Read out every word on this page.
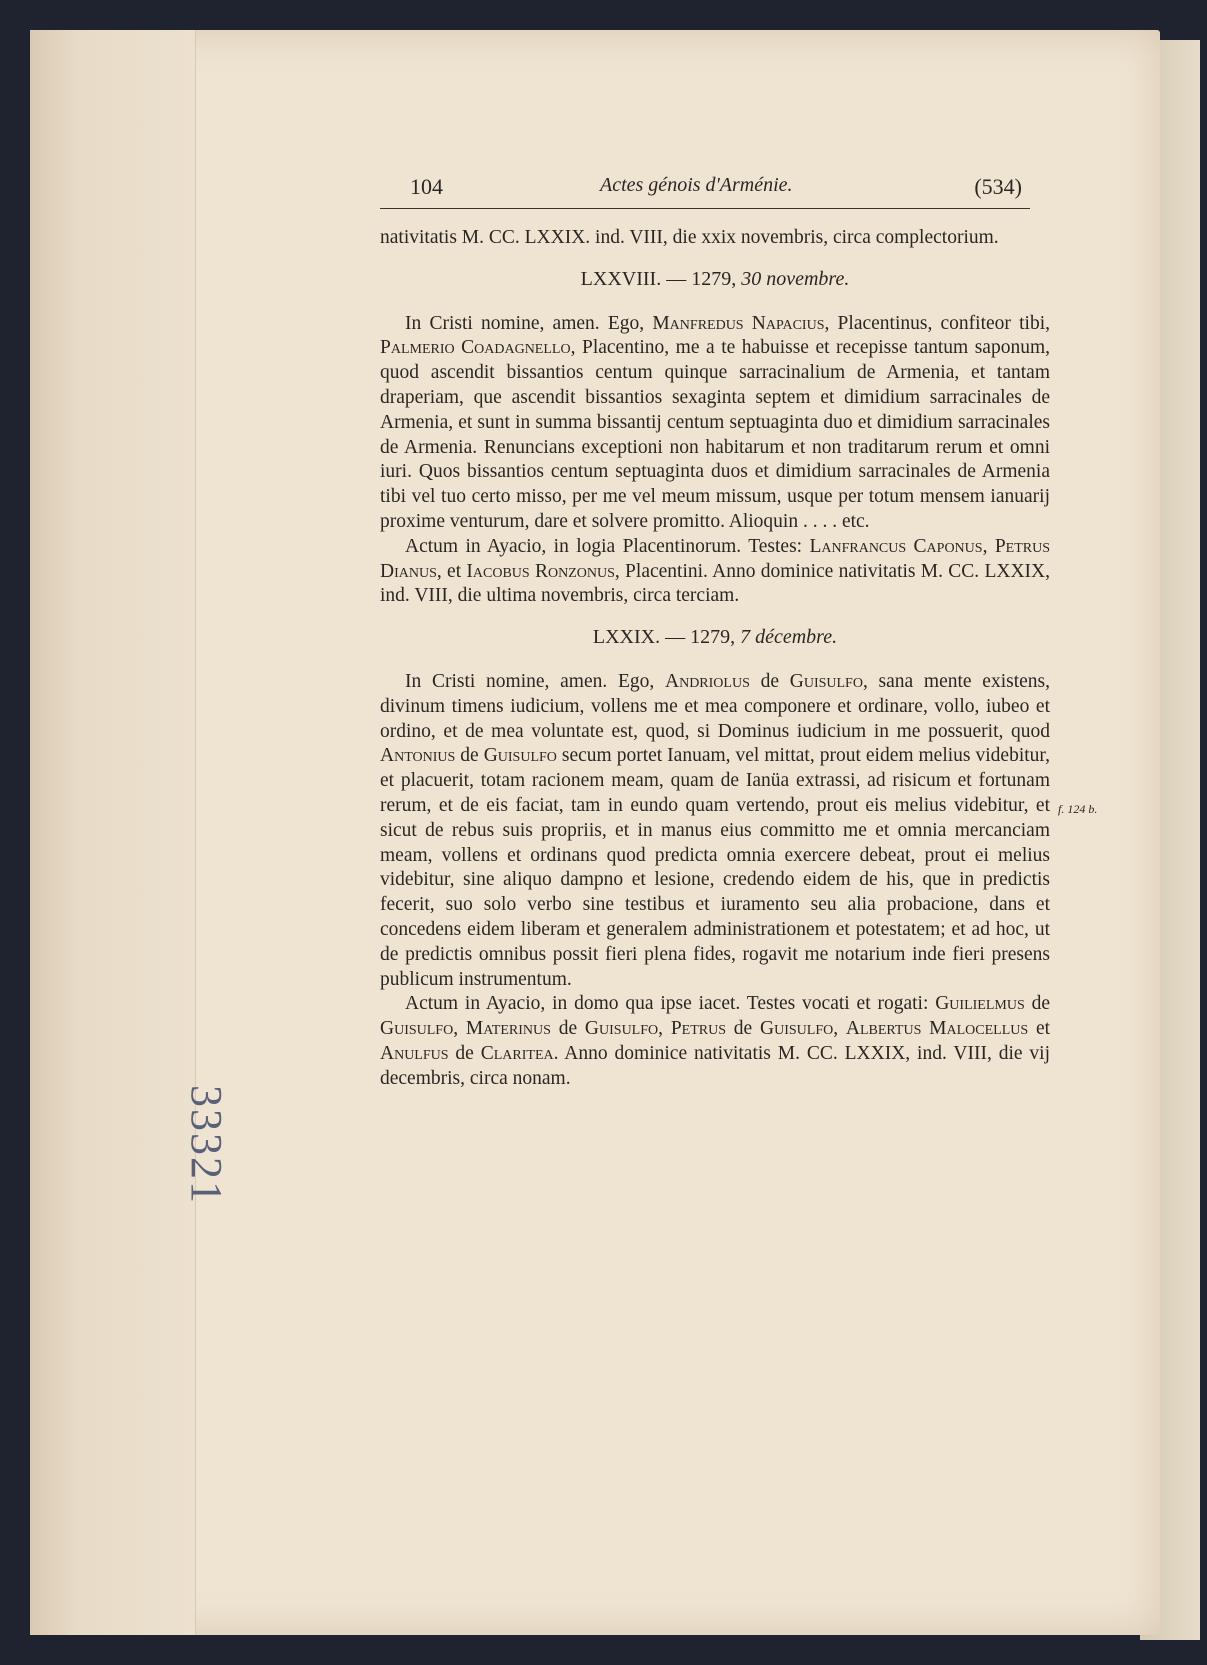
104	Actes génois d'Arménie.	(534)

nativitatis M. CC. LXXIX. ind. VIII, die xxix novembris, circa complectorium.

LXXVIII. — 1279, 30 novembre.

In Cristi nomine, amen. Ego, Manfredus Napacius, Placentinus, confiteor tibi, Palmerio Coadagnello, Placentino, me a te habuisse et recepisse tantum saponum, quod ascendit bissantios centum quinque sarracinalium de Armenia, et tantam draperiam, que ascendit bissantios sexaginta septem et dimidium sarracinales de Armenia, et sunt in summa bissantij centum septuaginta duo et dimidium sarracinales de Armenia. Renuncians exceptioni non habitarum et non traditarum rerum et omni iuri. Quos bissantios centum septuaginta duos et dimidium sarracinales de Armenia tibi vel tuo certo misso, per me vel meum missum, usque per totum mensem ianuarij proxime venturum, dare et solvere promitto. Alioquin . . . . etc.

Actum in Ayacio, in logia Placentinorum. Testes: Lanfrancus Caponus, Petrus Dianus, et Iacobus Ronzonus, Placentini. Anno dominice nativitatis M. CC. LXXIX, ind. VIII, die ultima novembris, circa terciam.

LXXIX. — 1279, 7 décembre.

In Cristi nomine, amen. Ego, Andriolus de Guisulfo, sana mente existens, divinum timens iudicium, vollens me et mea componere et ordinare, vollo, iubeo et ordino, et de mea voluntate est, quod, si Dominus iudicium in me possuerit, quod Antonius de Guisulfo secum portet Ianuam, vel mittat, prout eidem melius videbitur, et placuerit, totam racionem meam, quam de Ianüa extrassi, ad risicum et fortunam rerum, et de eis faciat, tam in eundo quam vertendo, prout eis melius videbitur, et sicut de rebus suis propriis, et in manus eius committo me et omnia mercanciam meam, vollens et ordinans quod predicta omnia exercere debeat, prout ei melius videbitur, sine aliquo dampno et lesione, credendo eidem de his, que in predictis fecerit, suo solo verbo sine testibus et iuramento seu alia probacione, dans et concedens eidem liberam et generalem administrationem et potestatem; et ad hoc, ut de predictis omnibus possit fieri plena fides, rogavit me notarium inde fieri presens publicum instrumentum.

Actum in Ayacio, in domo qua ipse iacet. Testes vocati et rogati: Guilielmus de Guisulfo, Materinus de Guisulfo, Petrus de Guisulfo, Albertus Malocellus et Anulfus de Claritea. Anno dominice nativitatis M. CC. LXXIX, ind. VIII, die vij decembris, circa nonam.

f. 124 b.
33321
